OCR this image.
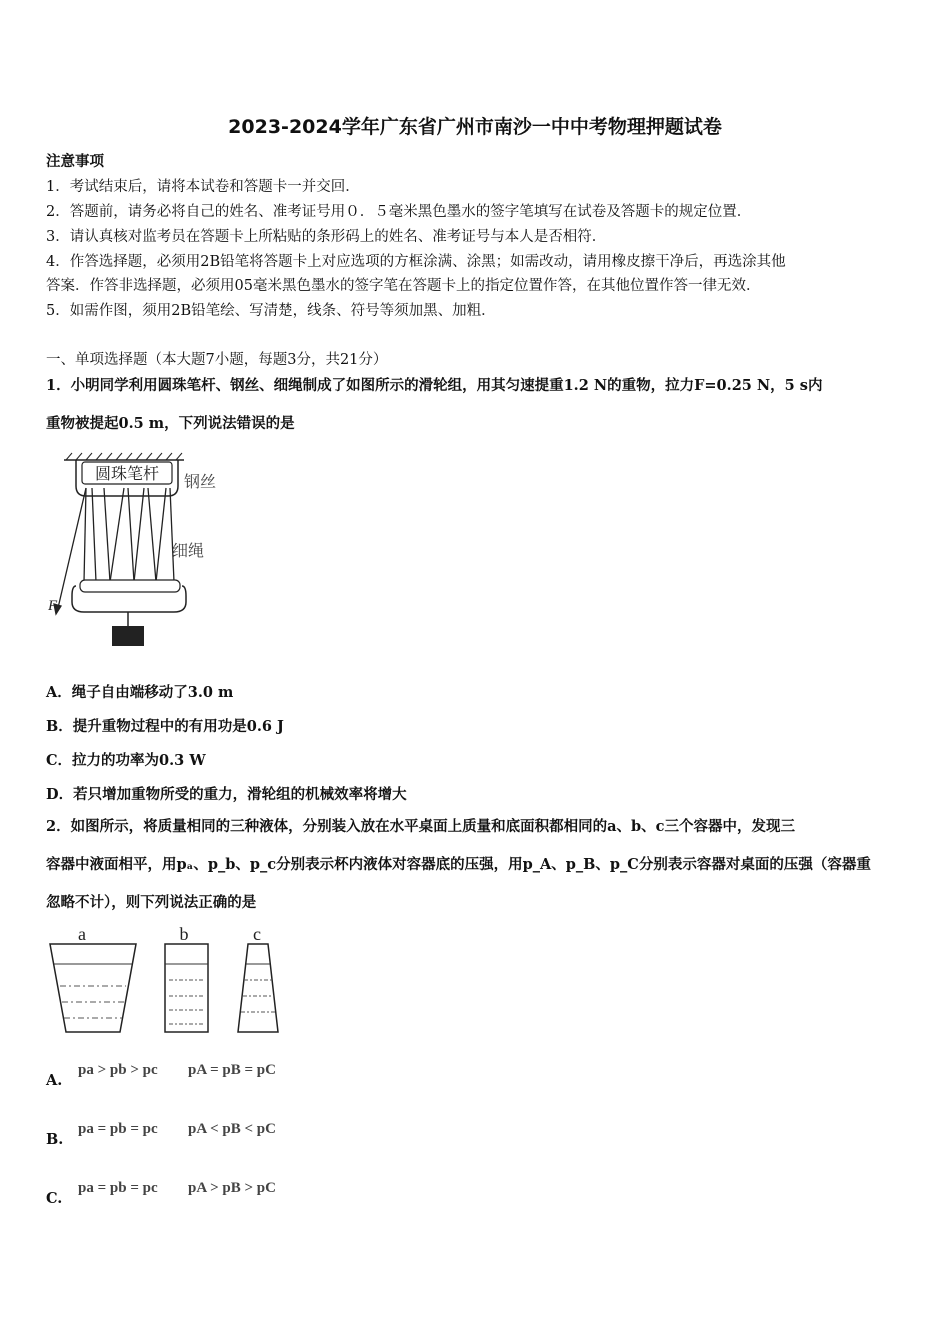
2023-2024学年广东省广州市南沙一中中考物理押题试卷
注意事项
1．考试结束后，请将本试卷和答题卡一并交回．
2．答题前，请务必将自己的姓名、准考证号用０．５毫米黑色墨水的签字笔填写在试卷及答题卡的规定位置．
3．请认真核对监考员在答题卡上所粘贴的条形码上的姓名、准考证号与本人是否相符．
4．作答选择题，必须用2B铅笔将答题卡上对应选项的方框涂满、涂黑；如需改动，请用橡皮擦干净后，再选涂其他
答案．作答非选择题，必须用05毫米黑色墨水的签字笔在答题卡上的指定位置作答，在其他位置作答一律无效．
5．如需作图，须用2B铅笔绘、写清楚，线条、符号等须加黑、加粗．
一、单项选择题（本大题7小题，每题3分，共21分）
1．小明同学利用圆珠笔杆、钢丝、细绳制成了如图所示的滑轮组，用其匀速提重1.2 N的重物，拉力F=0.25 N，5 s内
重物被提起0.5 m，下列说法错误的是
圆珠笔杆 钢丝
细绳
F
A．绳子自由端移动了3.0 m
B．提升重物过程中的有用功是0.6 J
C．拉力的功率为0.3 W
D．若只增加重物所受的重力，滑轮组的机械效率将增大
2．如图所示，将质量相同的三种液体，分别装入放在水平桌面上质量和底面积都相同的a、b、c三个容器中，发现三
容器中液面相平，用pₐ、p_b、p_c分别表示杯内液体对容器底的压强，用p_A、p_B、p_C分别表示容器对桌面的压强（容器重
忽略不计），则下列说法正确的是
a	b	c
A.
pa > pb > pc pA = pB = pC
B.
pa = pb = pc pA < pB < pC
C.
pa = pb = pc pA > pB > pC
